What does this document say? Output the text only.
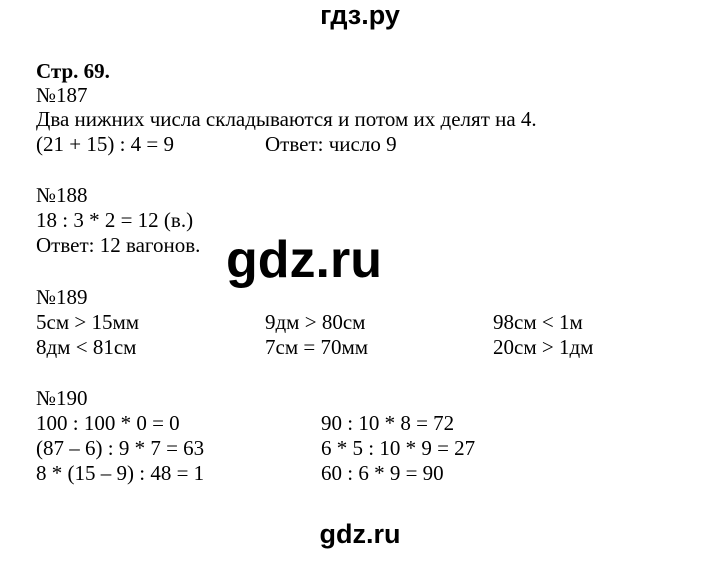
гдз.ру
Стр. 69.
№187
Два нижних числа складываются и потом их делят на 4.
(21 + 15) : 4 = 9	Ответ: число 9
№188
18 : 3 * 2 = 12 (в.)
Ответ: 12 вагонов. gdz.ru
№189
5см > 15мм	9дм > 80см	98см < 1м
8дм < 81см	7см = 70мм	20см > 1дм
№190
100 : 100 * 0 = 0	90 : 10 * 8 = 72
(87 – 6) : 9 * 7 = 63	6 * 5 : 10 * 9 = 27
8 * (15 – 9) : 48 = 1	60 : 6 * 9 = 90
gdz.ru
